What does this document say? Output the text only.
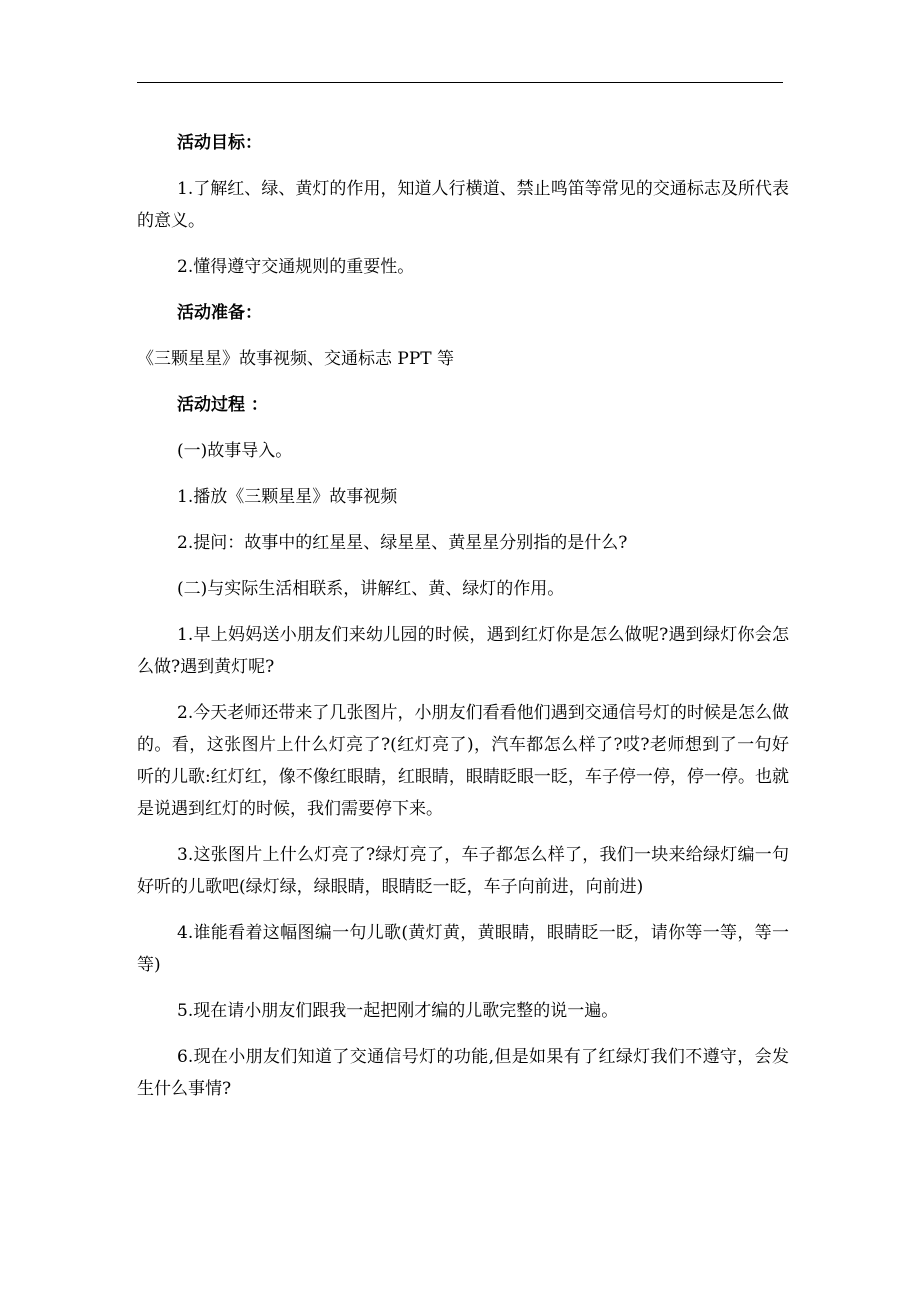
活动目标：

1.了解红、绿、黄灯的作用，知道人行横道、禁止鸣笛等常见的交通标志及所代表的意义。

2.懂得遵守交通规则的重要性。

活动准备：

《三颗星星》故事视频、交通标志 PPT 等

活动过程 ：

(一)故事导入。

1.播放《三颗星星》故事视频

2.提问：故事中的红星星、绿星星、黄星星分别指的是什么?

(二)与实际生活相联系，讲解红、黄、绿灯的作用。

1.早上妈妈送小朋友们来幼儿园的时候，遇到红灯你是怎么做呢?遇到绿灯你会怎么做?遇到黄灯呢?

2.今天老师还带来了几张图片，小朋友们看看他们遇到交通信号灯的时候是怎么做的。看，这张图片上什么灯亮了?(红灯亮了)，汽车都怎么样了?哎?老师想到了一句好听的儿歌:红灯红，像不像红眼睛，红眼睛，眼睛眨眼一眨，车子停一停，停一停。也就是说遇到红灯的时候，我们需要停下来。

3.这张图片上什么灯亮了?绿灯亮了，车子都怎么样了，我们一块来给绿灯编一句好听的儿歌吧(绿灯绿，绿眼睛，眼睛眨一眨，车子向前进，向前进)

4.谁能看着这幅图编一句儿歌(黄灯黄，黄眼睛，眼睛眨一眨，请你等一等，等一等)

5.现在请小朋友们跟我一起把刚才编的儿歌完整的说一遍。

6.现在小朋友们知道了交通信号灯的功能,但是如果有了红绿灯我们不遵守，会发生什么事情?
